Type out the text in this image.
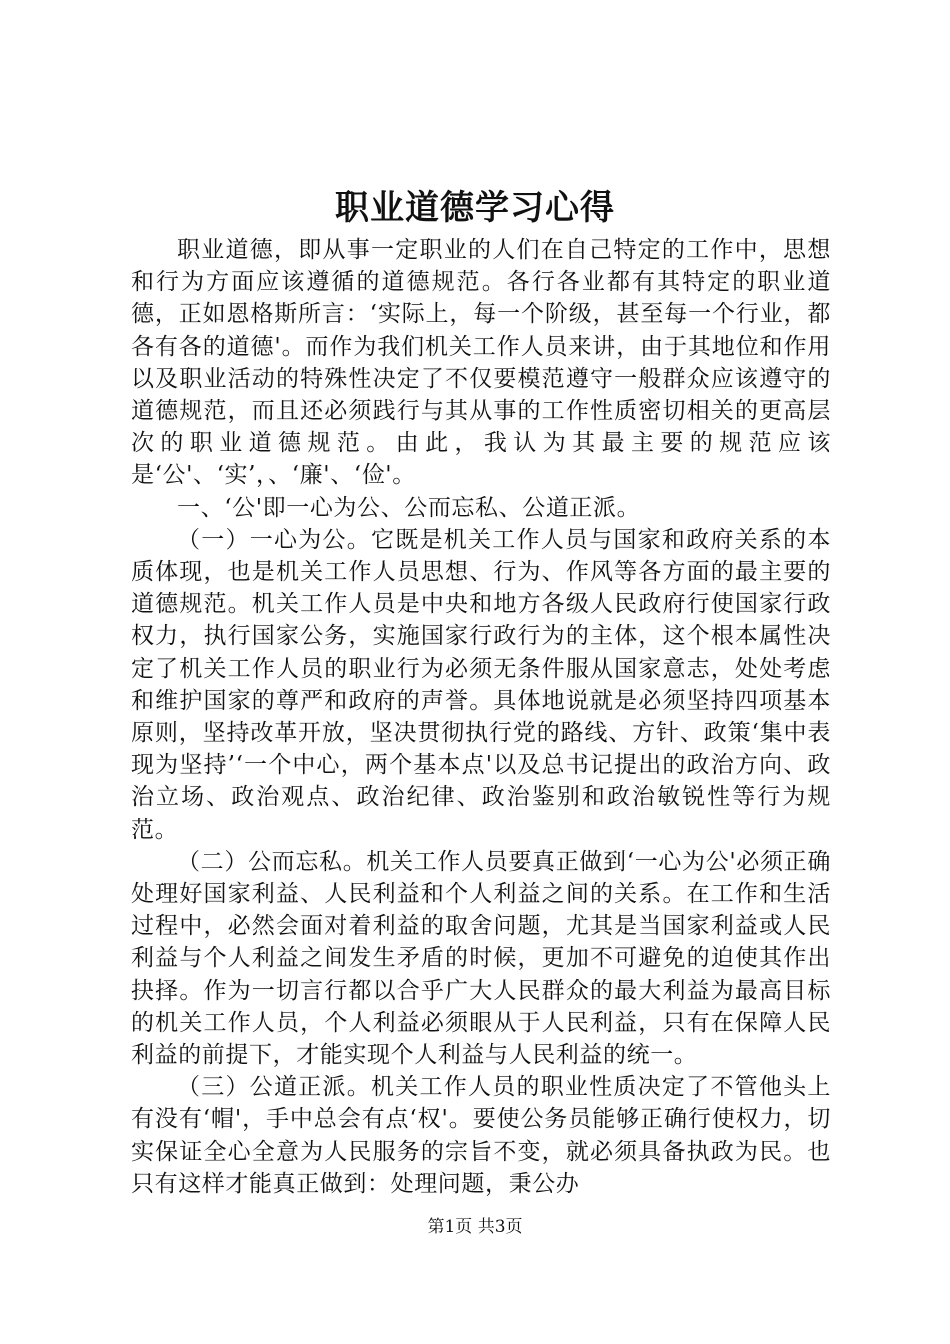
职业道德学习心得

职业道德，即从事一定职业的人们在自己特定的工作中，思想和行为方面应该遵循的道德规范。各行各业都有其特定的职业道德，正如恩格斯所言：‘实际上，每一个阶级，甚至每一个行业，都各有各的道德'。而作为我们机关工作人员来讲，由于其地位和作用以及职业活动的特殊性决定了不仅要模范遵守一般群众应该遵守的道德规范，而且还必须践行与其从事的工作性质密切相关的更高层次的职业道德规范。由此，我认为其最主要的规范应该是‘公'、‘实’，、‘廉'、‘俭'。

一、‘公'即一心为公、公而忘私、公道正派。

（一）一心为公。它既是机关工作人员与国家和政府关系的本质体现，也是机关工作人员思想、行为、作风等各方面的最主要的道德规范。机关工作人员是中央和地方各级人民政府行使国家行政权力，执行国家公务，实施国家行政行为的主体，这个根本属性决定了机关工作人员的职业行为必须无条件服从国家意志，处处考虑和维护国家的尊严和政府的声誉。具体地说就是必须坚持四项基本原则，坚持改革开放，坚决贯彻执行党的路线、方针、政策‘集中表现为坚持’‘一个中心，两个基本点'以及总书记提出的政治方向、政治立场、政治观点、政治纪律、政治鉴别和政治敏锐性等行为规范。

（二）公而忘私。机关工作人员要真正做到‘一心为公'必须正确处理好国家利益、人民利益和个人利益之间的关系。在工作和生活过程中，必然会面对着利益的取舍问题，尤其是当国家利益或人民利益与个人利益之间发生矛盾的时候，更加不可避免的迫使其作出抉择。作为一切言行都以合乎广大人民群众的最大利益为最高目标的机关工作人员，个人利益必须眼从于人民利益，只有在保障人民利益的前提下，才能实现个人利益与人民利益的统一。

（三）公道正派。机关工作人员的职业性质决定了不管他头上有没有‘帽'，手中总会有点‘权'。要使公务员能够正确行使权力，切实保证全心全意为人民服务的宗旨不变，就必须具备执政为民。也只有这样才能真正做到：处理问题，秉公办

第1页 共3页
